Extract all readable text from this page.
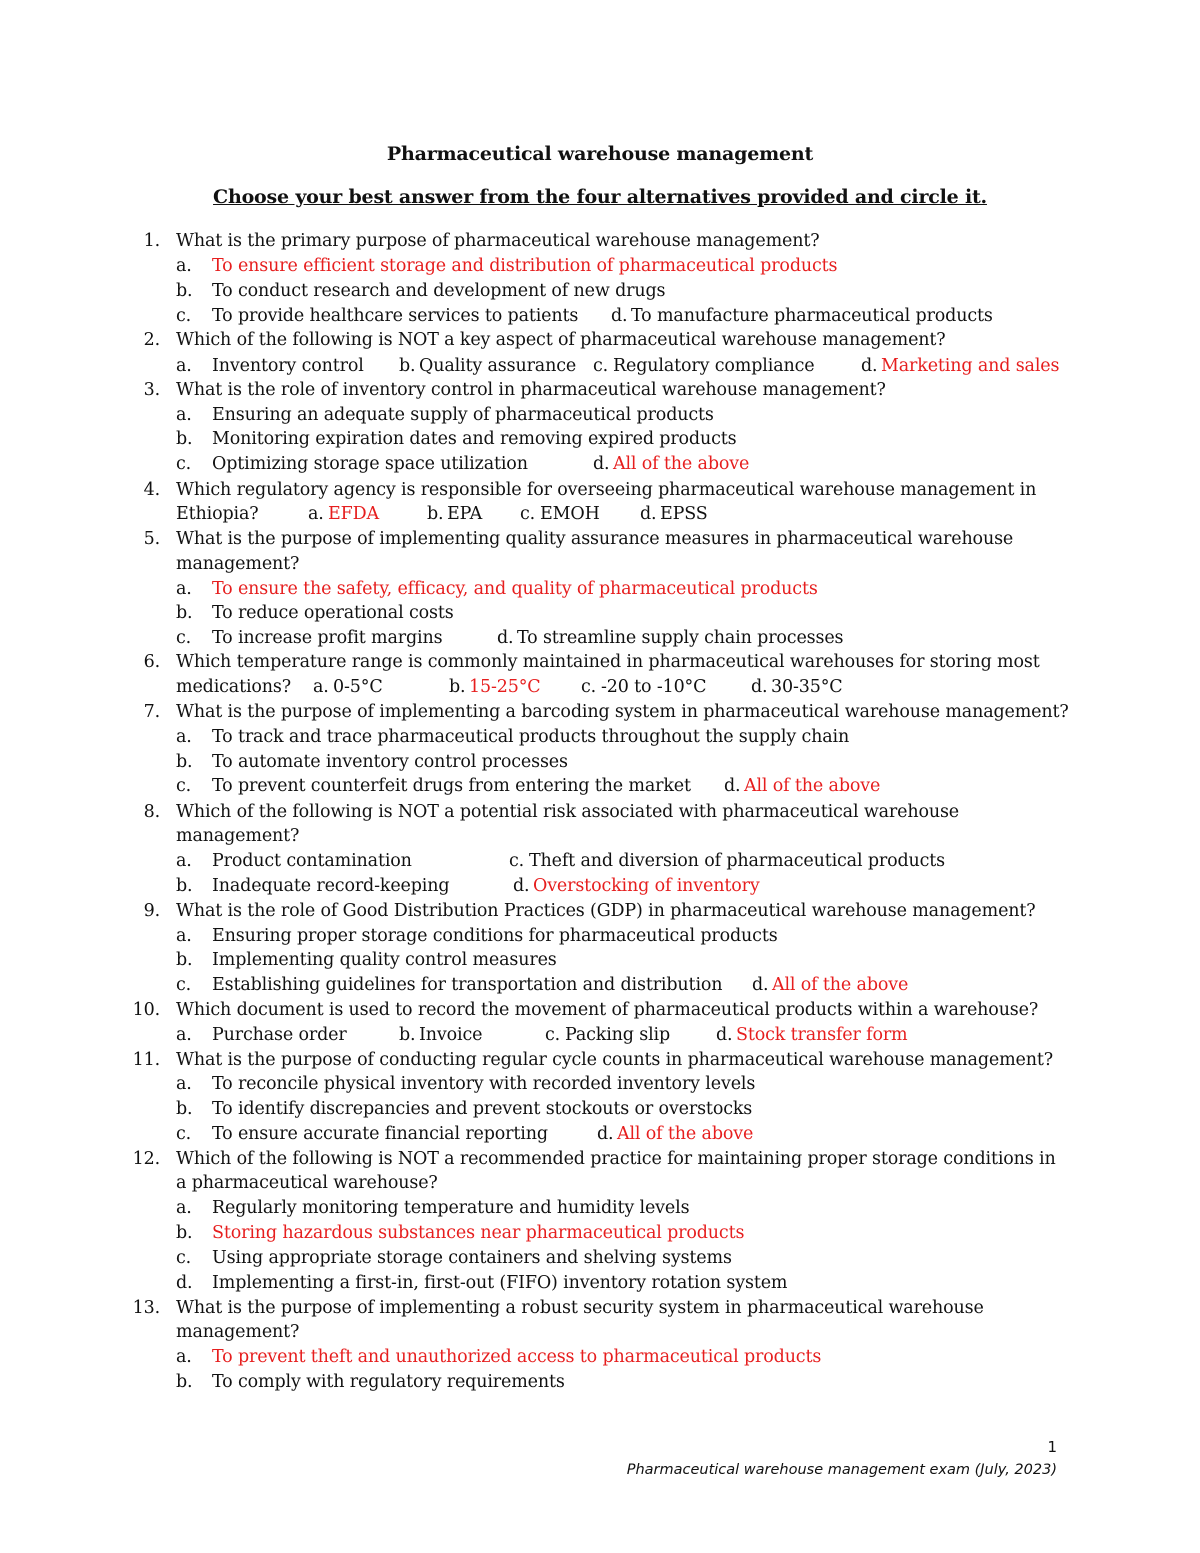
Pharmaceutical warehouse management
Choose your best answer from the four alternatives provided and circle it.
1. What is the primary purpose of pharmaceutical warehouse management?
a. To ensure efficient storage and distribution of pharmaceutical products
b. To conduct research and development of new drugs
c. To provide healthcare services to patients d. To manufacture pharmaceutical products
2. Which of the following is NOT a key aspect of pharmaceutical warehouse management?
a. Inventory control b. Quality assurance c. Regulatory compliance	d. Marketing and sales
3. What is the role of inventory control in pharmaceutical warehouse management?
a. Ensuring an adequate supply of pharmaceutical products
b. Monitoring expiration dates and removing expired products
c. Optimizing storage space utilization	d. All of the above
4. Which regulatory agency is responsible for overseeing pharmaceutical warehouse management in
Ethiopia?	a. EFDA	b. EPA c. EMOH d. EPSS
5. What is the purpose of implementing quality assurance measures in pharmaceutical warehouse
management?
a. To ensure the safety, efficacy, and quality of pharmaceutical products
b. To reduce operational costs
c. To increase profit margins	d. To streamline supply chain processes
6. Which temperature range is commonly maintained in pharmaceutical warehouses for storing most
medications? a. 0-5°C	b. 15-25°C c. -20 to -10°C	d. 30-35°C
7. What is the purpose of implementing a barcoding system in pharmaceutical warehouse management?
a. To track and trace pharmaceutical products throughout the supply chain
b. To automate inventory control processes
c. To prevent counterfeit drugs from entering the market d. All of the above
8. Which of the following is NOT a potential risk associated with pharmaceutical warehouse
management?
a. Product contamination	c. Theft and diversion of pharmaceutical products
b. Inadequate record-keeping	d. Overstocking of inventory
9. What is the role of Good Distribution Practices (GDP) in pharmaceutical warehouse management?
a. Ensuring proper storage conditions for pharmaceutical products
b. Implementing quality control measures
c. Establishing guidelines for transportation and distribution d. All of the above
10. Which document is used to record the movement of pharmaceutical products within a warehouse?
a. Purchase order	b. Invoice	c. Packing slip	d. Stock transfer form
11. What is the purpose of conducting regular cycle counts in pharmaceutical warehouse management?
a. To reconcile physical inventory with recorded inventory levels
b. To identify discrepancies and prevent stockouts or overstocks
c. To ensure accurate financial reporting	d. All of the above
12. Which of the following is NOT a recommended practice for maintaining proper storage conditions in
a pharmaceutical warehouse?
a. Regularly monitoring temperature and humidity levels
b. Storing hazardous substances near pharmaceutical products
c. Using appropriate storage containers and shelving systems
d. Implementing a first-in, first-out (FIFO) inventory rotation system
13. What is the purpose of implementing a robust security system in pharmaceutical warehouse
management?
a. To prevent theft and unauthorized access to pharmaceutical products
b. To comply with regulatory requirements
1
Pharmaceutical warehouse management exam (July, 2023)
